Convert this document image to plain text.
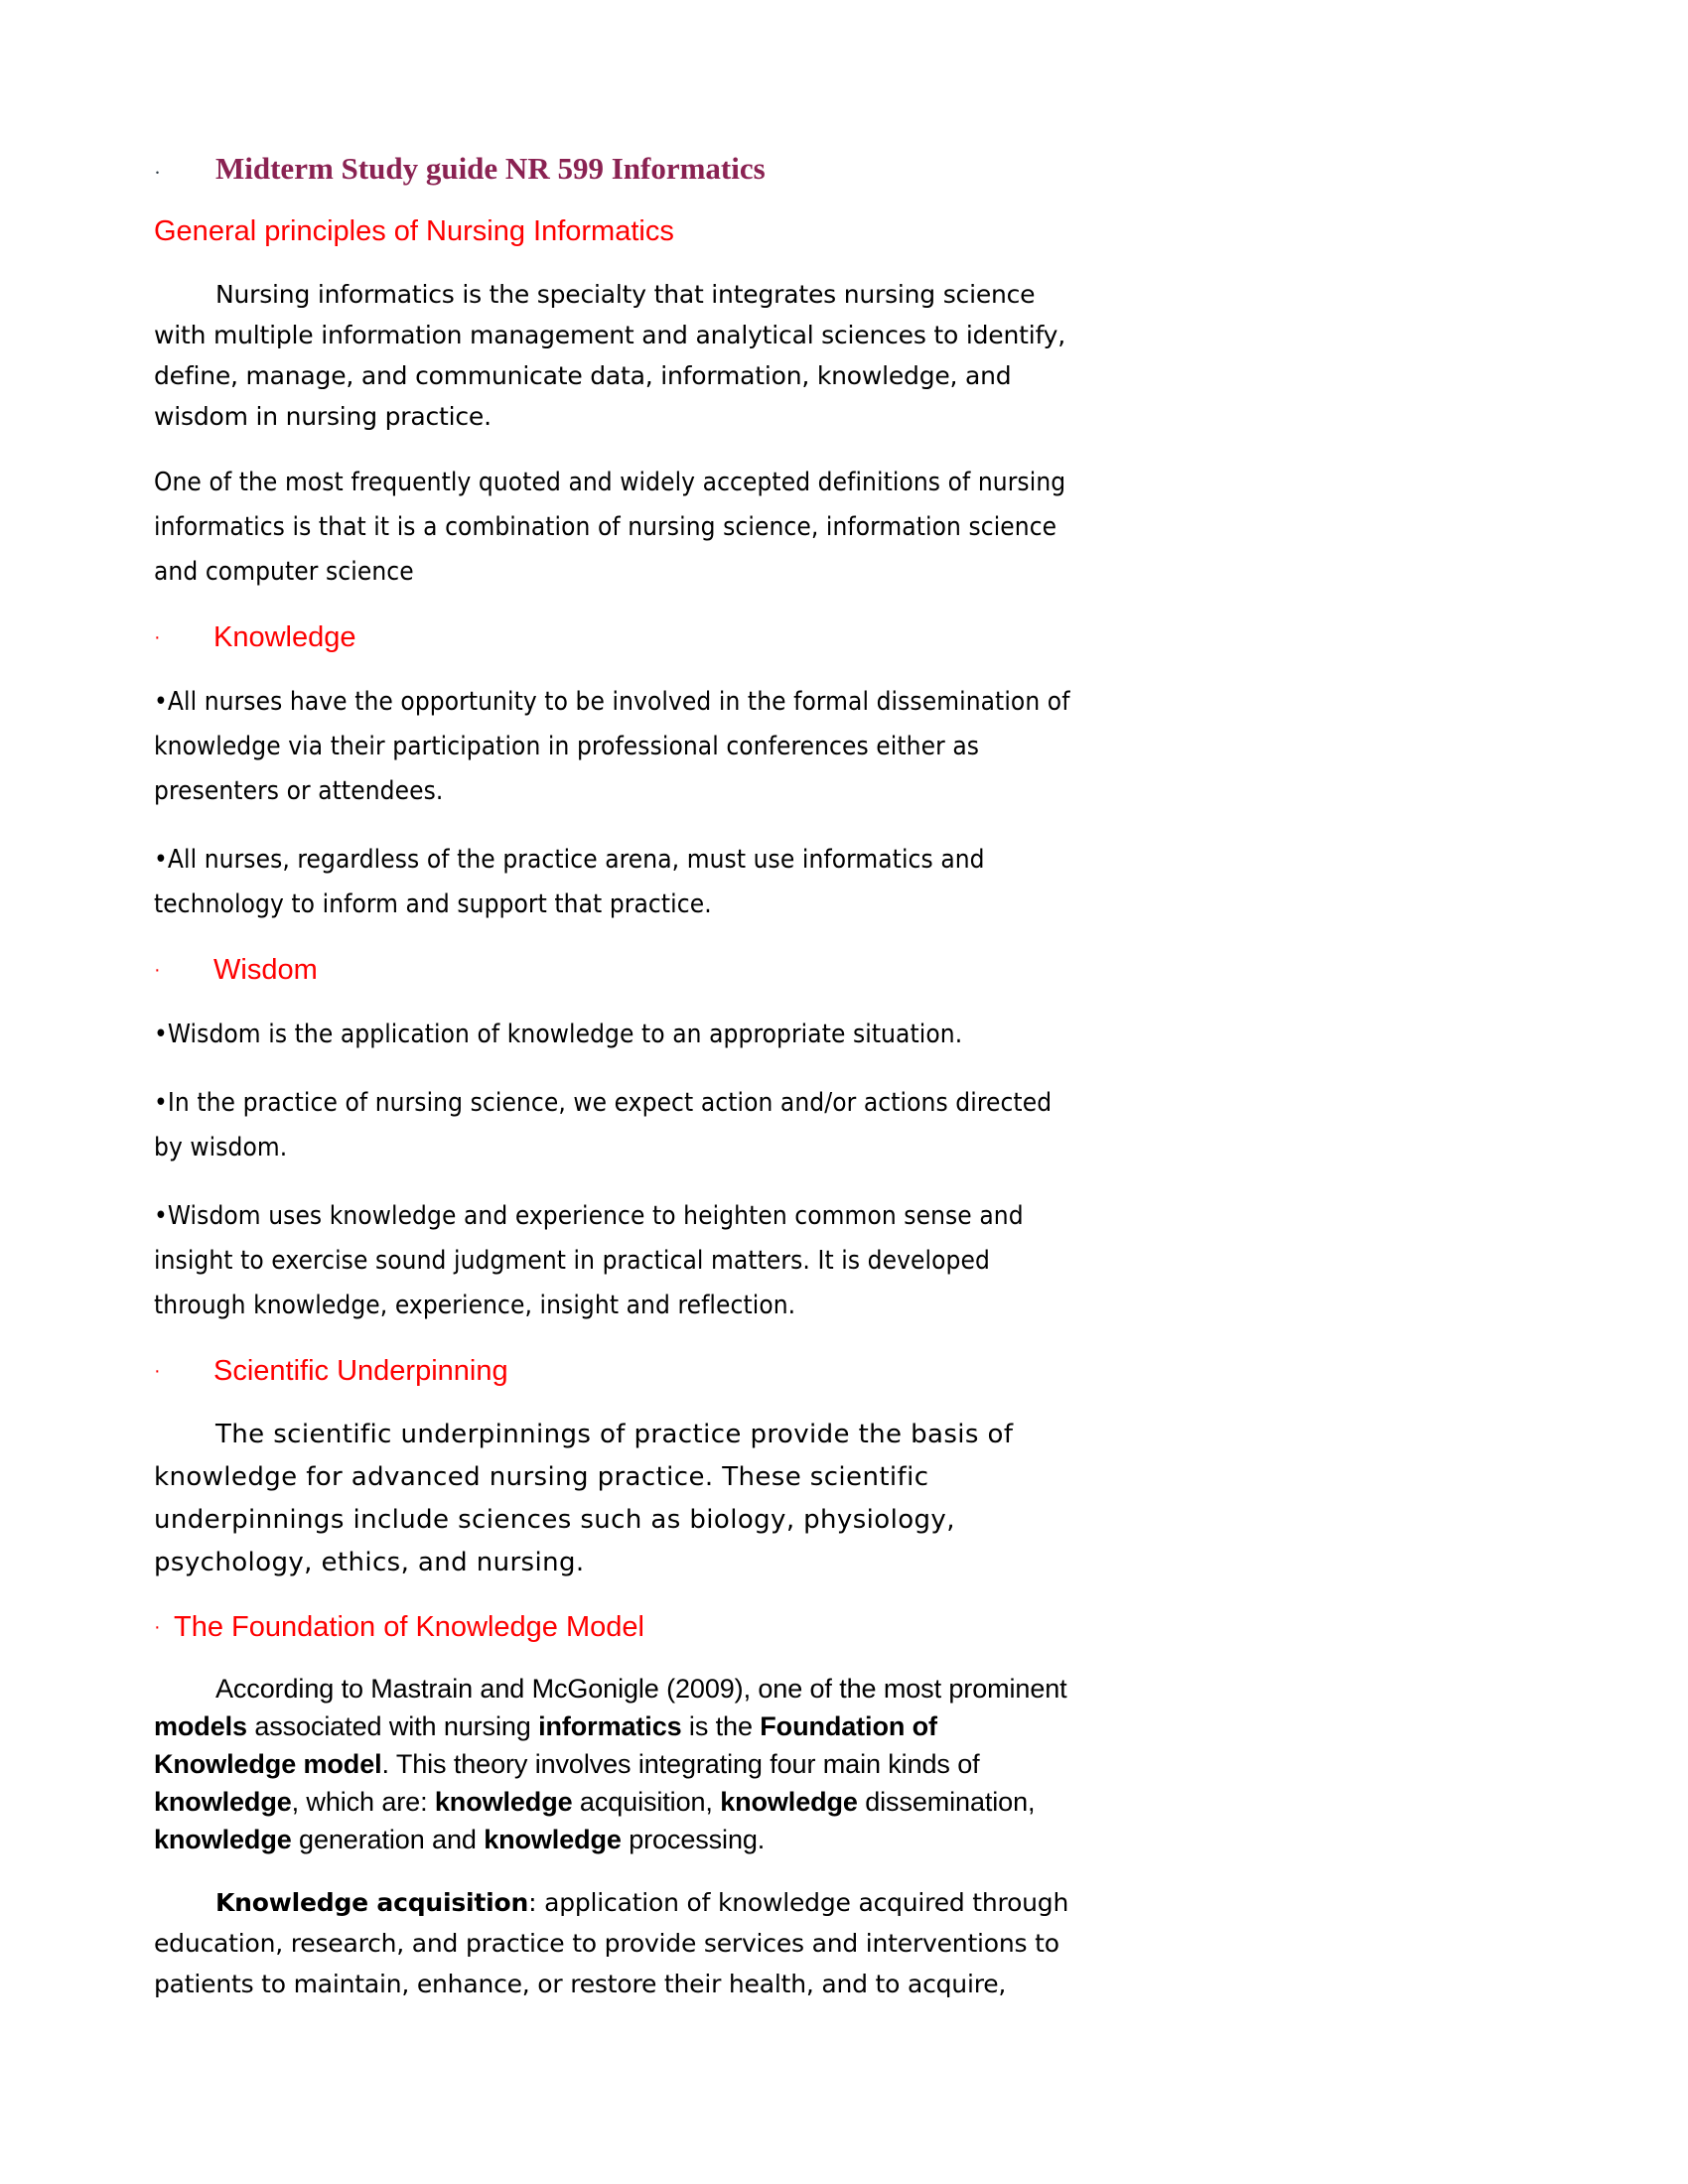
· Midterm Study guide NR 599 Informatics
General principles of Nursing Informatics

Nursing informatics is the specialty that integrates nursing science with multiple information management and analytical sciences to identify, define, manage, and communicate data, information, knowledge, and wisdom in nursing practice.

One of the most frequently quoted and widely accepted definitions of nursing informatics is that it is a combination of nursing science, information science and computer science

· Knowledge

•All nurses have the opportunity to be involved in the formal dissemination of knowledge via their participation in professional conferences either as presenters or attendees.

•All nurses, regardless of the practice arena, must use informatics and technology to inform and support that practice.

· Wisdom

•Wisdom is the application of knowledge to an appropriate situation.

•In the practice of nursing science, we expect action and/or actions directed by wisdom.

•Wisdom uses knowledge and experience to heighten common sense and insight to exercise sound judgment in practical matters. It is developed through knowledge, experience, insight and reflection.

· Scientific Underpinning

The scientific underpinnings of practice provide the basis of knowledge for advanced nursing practice. These scientific underpinnings include sciences such as biology, physiology, psychology, ethics, and nursing.

· The Foundation of Knowledge Model

According to Mastrain and McGonigle (2009), one of the most prominent models associated with nursing informatics is the Foundation of Knowledge model. This theory involves integrating four main kinds of knowledge, which are: knowledge acquisition, knowledge dissemination, knowledge generation and knowledge processing.

Knowledge acquisition: application of knowledge acquired through education, research, and practice to provide services and interventions to patients to maintain, enhance, or restore their health, and to acquire,
